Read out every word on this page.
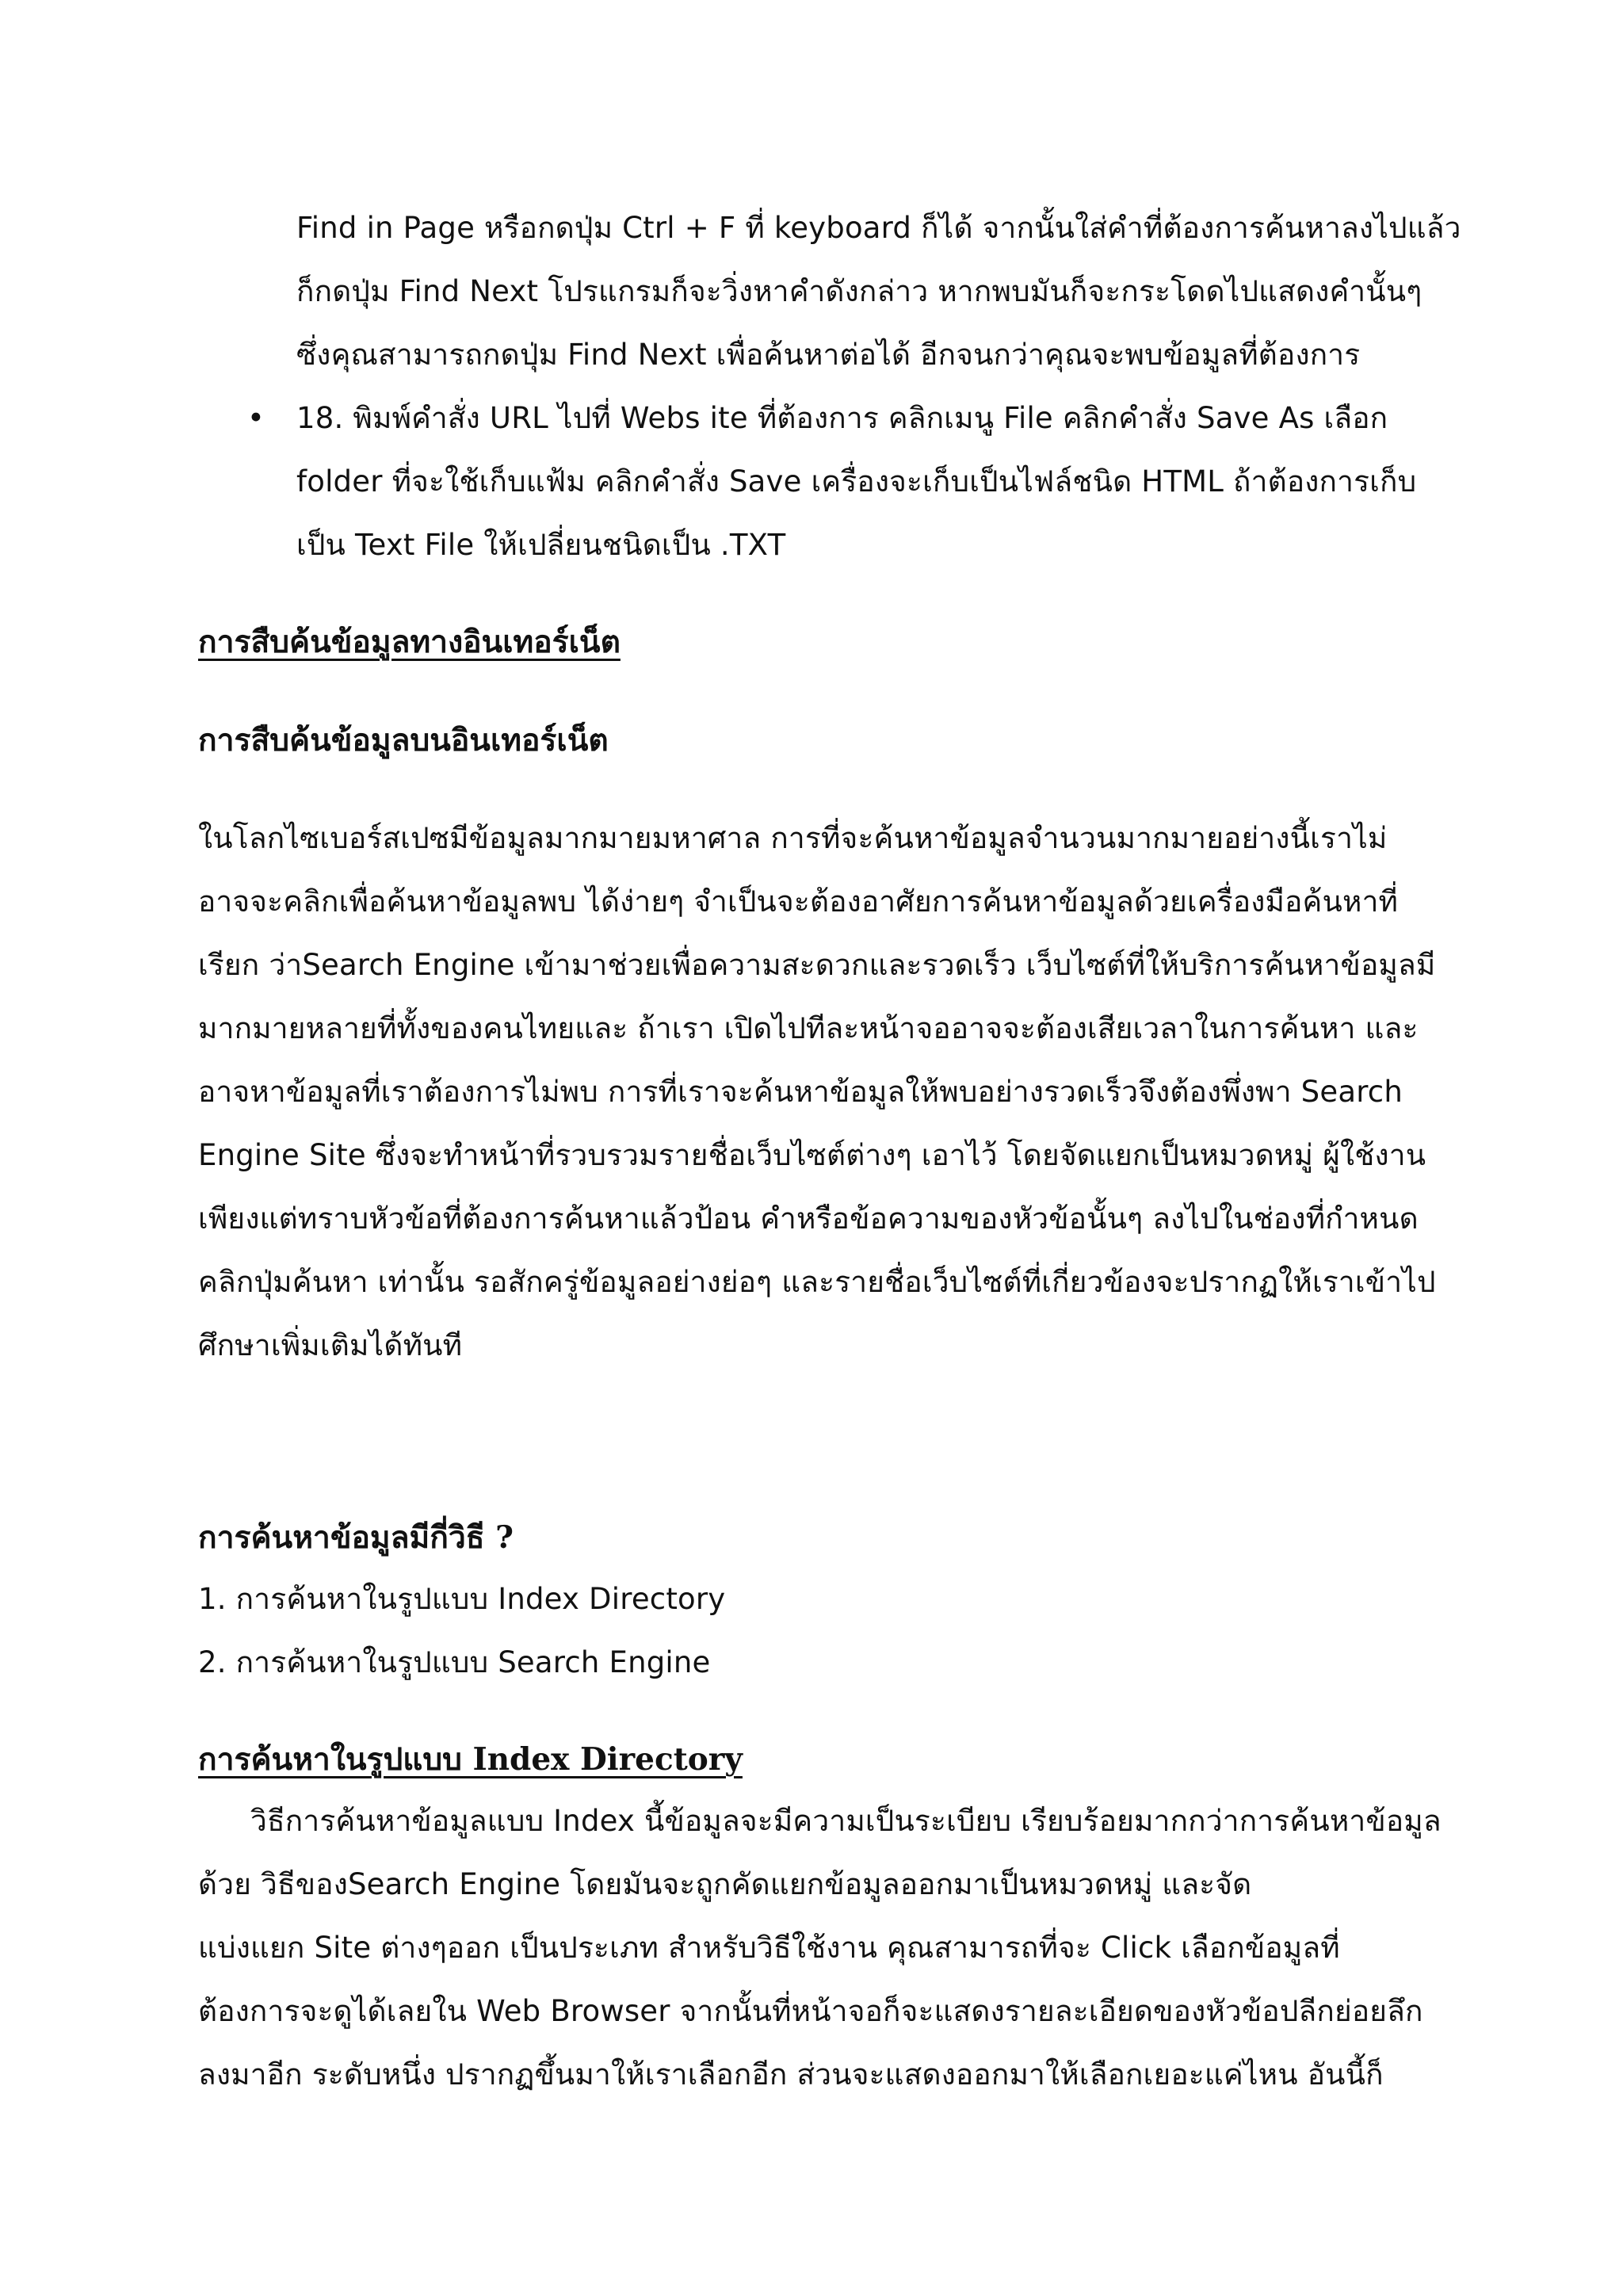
Find in Page หรือกดปุ่ม Ctrl + F ที่ keyboard ก็ได้ จากนั้นใส่คำที่ต้องการค้นหาลงไปแล้ว
ก็กดปุ่ม Find Next โปรแกรมก็จะวิ่งหาคำดังกล่าว หากพบมันก็จะกระโดดไปแสดงคำนั้นๆ
ซึ่งคุณสามารถกดปุ่ม Find Next เพื่อค้นหาต่อได้ อีกจนกว่าคุณจะพบข้อมูลที่ต้องการ
• 18. พิมพ์คำสั่ง URL ไปที่ Webs ite ที่ต้องการ คลิกเมนู File คลิกคำสั่ง Save As เลือก
folder ที่จะใช้เก็บแฟ้ม คลิกคำสั่ง Save เครื่องจะเก็บเป็นไฟล์ชนิด HTML ถ้าต้องการเก็บ
เป็น Text File ให้เปลี่ยนชนิดเป็น .TXT
การสืบค้นข้อมูลทางอินเทอร์เน็ต
การสืบค้นข้อมูลบนอินเทอร์เน็ต
ในโลกไซเบอร์สเปซมีข้อมูลมากมายมหาศาล การที่จะค้นหาข้อมูลจำนวนมากมายอย่างนี้เราไม่
อาจจะคลิกเพื่อค้นหาข้อมูลพบ ได้ง่ายๆ จำเป็นจะต้องอาศัยการค้นหาข้อมูลด้วยเครื่องมือค้นหาที่
เรียก ว่าSearch Engine เข้ามาช่วยเพื่อความสะดวกและรวดเร็ว เว็บไซต์ที่ให้บริการค้นหาข้อมูลมี
มากมายหลายที่ทั้งของคนไทยและ ถ้าเรา เปิดไปทีละหน้าจออาจจะต้องเสียเวลาในการค้นหา และ
อาจหาข้อมูลที่เราต้องการไม่พบ การที่เราจะค้นหาข้อมูลให้พบอย่างรวดเร็วจึงต้องพึ่งพา Search
Engine Site ซึ่งจะทำหน้าที่รวบรวมรายชื่อเว็บไซต์ต่างๆ เอาไว้ โดยจัดแยกเป็นหมวดหมู่ ผู้ใช้งาน
เพียงแต่ทราบหัวข้อที่ต้องการค้นหาแล้วป้อน คำหรือข้อความของหัวข้อนั้นๆ ลงไปในช่องที่กำหนด
คลิกปุ่มค้นหา เท่านั้น รอสักครู่ข้อมูลอย่างย่อๆ และรายชื่อเว็บไซต์ที่เกี่ยวข้องจะปรากฏให้เราเข้าไป
ศึกษาเพิ่มเติมได้ทันที
การค้นหาข้อมูลมีกี่วิธี ?
1. การค้นหาในรูปแบบ Index Directory
2. การค้นหาในรูปแบบ Search Engine
การค้นหาในรูปแบบ Index Directory
วิธีการค้นหาข้อมูลแบบ Index นี้ข้อมูลจะมีความเป็นระเบียบ เรียบร้อยมากกว่าการค้นหาข้อมูล
ด้วย วิธีของSearch Engine โดยมันจะถูกคัดแยกข้อมูลออกมาเป็นหมวดหมู่ และจัด
แบ่งแยก Site ต่างๆออก เป็นประเภท สำหรับวิธีใช้งาน คุณสามารถที่จะ Click เลือกข้อมูลที่
ต้องการจะดูได้เลยใน Web Browser จากนั้นที่หน้าจอก็จะแสดงรายละเอียดของหัวข้อปลีกย่อยลึก
ลงมาอีก ระดับหนึ่ง ปรากฏขึ้นมาให้เราเลือกอีก ส่วนจะแสดงออกมาให้เลือกเยอะแค่ไหน อันนี้ก็
